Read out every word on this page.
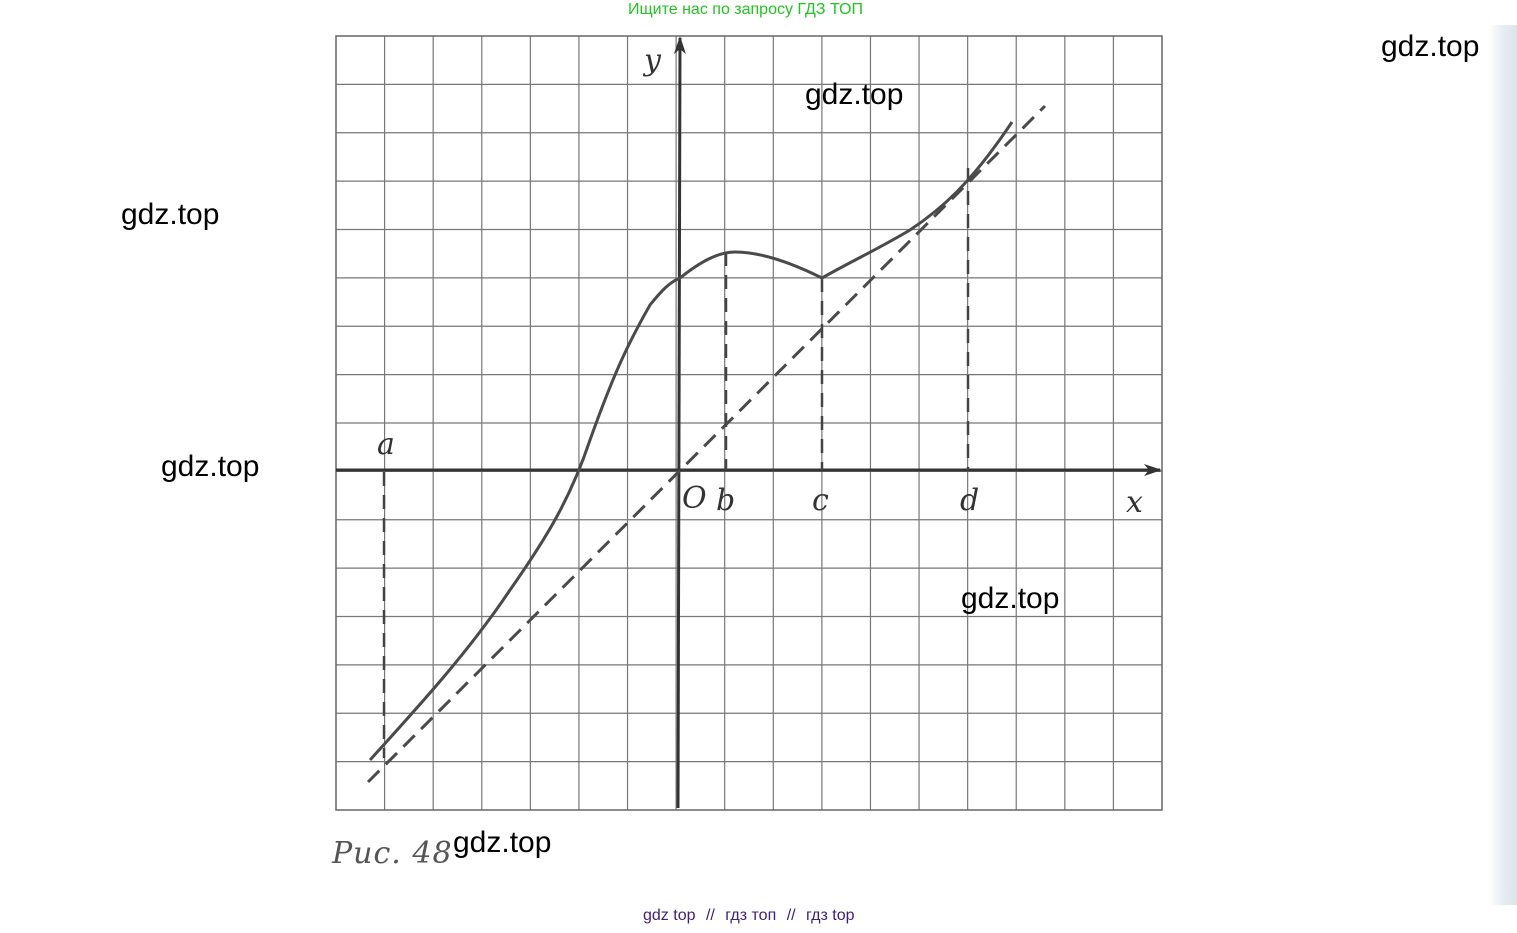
Ищите нас по запросу ГДЗ ТОП
y
x
O
a
b	c	d
Рис. 48
gdz.top
gdz.top
gdz.top
gdz.top
gdz.top
gdz.top
gdz top // гдз топ // гдз top
